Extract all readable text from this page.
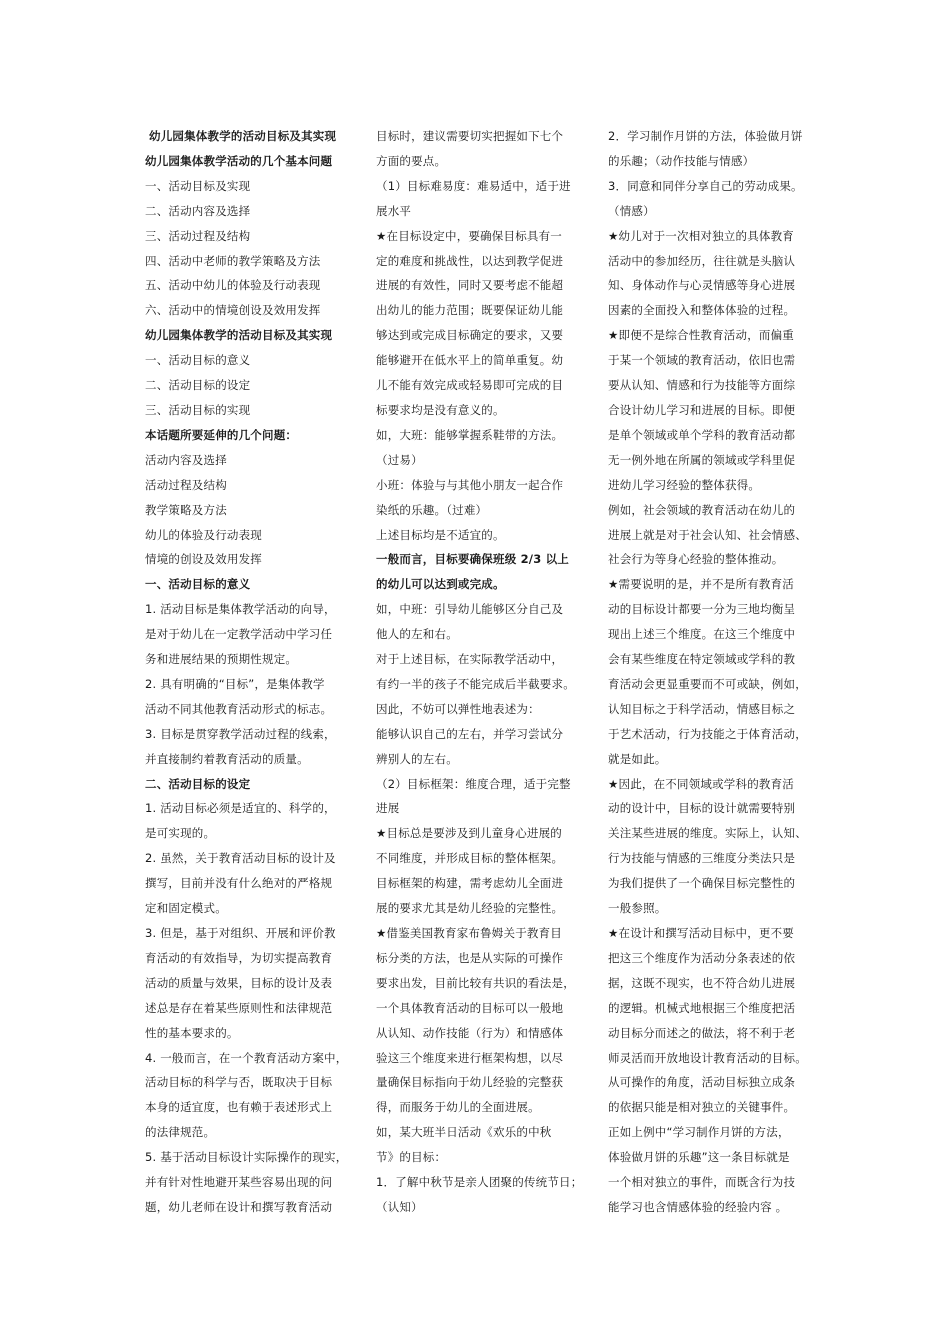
幼儿园集体教学的活动目标及其实现

幼儿园集体教学活动的几个基本问题

一、活动目标及实现

二、活动内容及选择

三、活动过程及结构

四、活动中老师的教学策略及方法

五、活动中幼儿的体验及行动表现

六、活动中的情境创设及效用发挥

幼儿园集体教学的活动目标及其实现

一、活动目标的意义

二、活动目标的设定

三、活动目标的实现

本话题所要延伸的几个问题：

活动内容及选择

活动过程及结构

教学策略及方法

幼儿的体验及行动表现

情境的创设及效用发挥

一、活动目标的意义

1. 活动目标是集体教学活动的向导，

是对于幼儿在一定教学活动中学习任

务和进展结果的预期性规定。

2. 具有明确的“目标”，是集体教学

活动不同其他教育活动形式的标志。

3. 目标是贯穿教学活动过程的线索，

并直接制约着教育活动的质量。

二、活动目标的设定

1. 活动目标必须是适宜的、科学的，

是可实现的。

2. 虽然，关于教育活动目标的设计及

撰写，目前并没有什么绝对的严格规

定和固定模式。

3. 但是，基于对组织、开展和评价教

育活动的有效指导，为切实提高教育

活动的质量与效果，目标的设计及表

述总是存在着某些原则性和法律规范

性的基本要求的。

4. 一般而言，在一个教育活动方案中，

活动目标的科学与否，既取决于目标

本身的适宜度，也有赖于表述形式上

的法律规范。

5. 基于活动目标设计实际操作的现实，

并有针对性地避开某些容易出现的问

题，幼儿老师在设计和撰写教育活动

目标时，建议需要切实把握如下七个

方面的要点。

（1）目标难易度：难易适中，适于进

展水平

★在目标设定中，要确保目标具有一

定的难度和挑战性，以达到教学促进

进展的有效性，同时又要考虑不能超

出幼儿的能力范围；既要保证幼儿能

够达到或完成目标确定的要求，又要

能够避开在低水平上的简单重复。幼

儿不能有效完成或轻易即可完成的目

标要求均是没有意义的。

如，大班：能够掌握系鞋带的方法。

（过易）

小班：体验与与其他小朋友一起合作

染纸的乐趣。（过难）

上述目标均是不适宜的。

一般而言，目标要确保班级 2/3 以上

的幼儿可以达到或完成。

如，中班：引导幼儿能够区分自己及

他人的左和右。

对于上述目标，在实际教学活动中，

有约一半的孩子不能完成后半截要求。

因此，不妨可以弹性地表述为：

能够认识自己的左右，并学习尝试分

辨别人的左右。

（2）目标框架：维度合理，适于完整

进展

★目标总是要涉及到儿童身心进展的

不同维度，并形成目标的整体框架。

目标框架的构建，需考虑幼儿全面进

展的要求尤其是幼儿经验的完整性。

★借鉴美国教育家布鲁姆关于教育目

标分类的方法，也是从实际的可操作

要求出发，目前比较有共识的看法是，

一个具体教育活动的目标可以一般地

从认知、动作技能（行为）和情感体

验这三个维度来进行框架构想，以尽

量确保目标指向于幼儿经验的完整获

得，而服务于幼儿的全面进展。

如，某大班半日活动《欢乐的中秋

节》的目标：

1．了解中秋节是亲人团聚的传统节日；

（认知）

2．学习制作月饼的方法，体验做月饼

的乐趣；（动作技能与情感）

3．同意和同伴分享自己的劳动成果。

（情感）

★幼儿对于一次相对独立的具体教育

活动中的参加经历，往往就是头脑认

知、身体动作与心灵情感等身心进展

因素的全面投入和整体体验的过程。

★即便不是综合性教育活动，而偏重

于某一个领域的教育活动，依旧也需

要从认知、情感和行为技能等方面综

合设计幼儿学习和进展的目标。即便

是单个领域或单个学科的教育活动都

无一例外地在所属的领域或学科里促

进幼儿学习经验的整体获得。

例如，社会领域的教育活动在幼儿的

进展上就是对于社会认知、社会情感、

社会行为等身心经验的整体推动。

★需要说明的是，并不是所有教育活

动的目标设计都要一分为三地均衡呈

现出上述三个维度。在这三个维度中

会有某些维度在特定领域或学科的教

育活动会更显重要而不可或缺，例如，

认知目标之于科学活动，情感目标之

于艺术活动，行为技能之于体育活动，

就是如此。

★因此，在不同领域或学科的教育活

动的设计中，目标的设计就需要特别

关注某些进展的维度。实际上，认知、

行为技能与情感的三维度分类法只是

为我们提供了一个确保目标完整性的

一般参照。

★在设计和撰写活动目标中，更不要

把这三个维度作为活动分条表述的依

据，这既不现实，也不符合幼儿进展

的逻辑。机械式地根据三个维度把活

动目标分而述之的做法，将不利于老

师灵活而开放地设计教育活动的目标。

从可操作的角度，活动目标独立成条

的依据只能是相对独立的关键事件。

正如上例中“学习制作月饼的方法，

体验做月饼的乐趣”这一条目标就是

一个相对独立的事件，而既含行为技

能学习也含情感体验的经验内容 。
